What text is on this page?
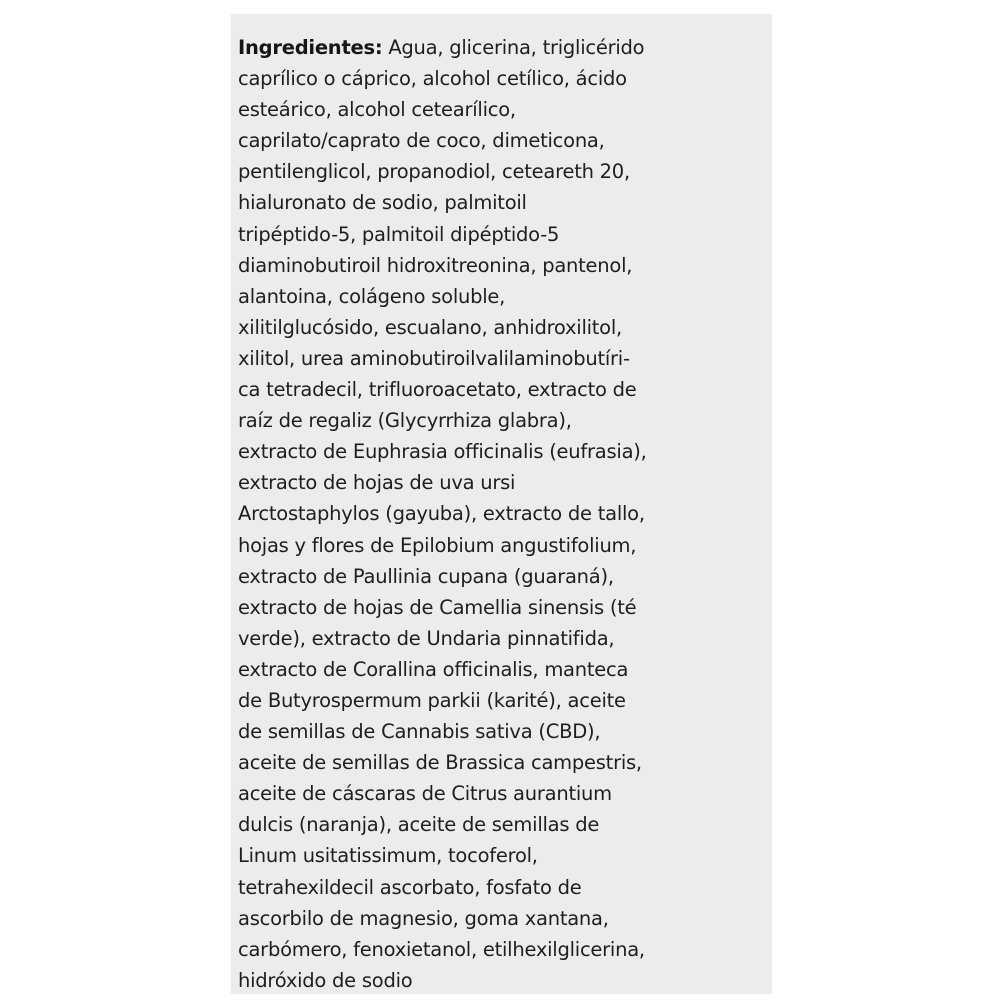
Ingredientes: Agua, glicerina, triglicérido
caprílico o cáprico, alcohol cetílico, ácido
esteárico, alcohol cetearílico,
caprilato/caprato de coco, dimeticona,
pentilenglicol, propanodiol, ceteareth 20,
hialuronato de sodio, palmitoil
tripéptido-5, palmitoil dipéptido-5
diaminobutiroil hidroxitreonina, pantenol,
alantoina, colágeno soluble,
xilitilglucósido, escualano, anhidroxilitol,
xilitol, urea aminobutiroilvalilaminobutíri-
ca tetradecil, trifluoroacetato, extracto de
raíz de regaliz (Glycyrrhiza glabra),
extracto de Euphrasia officinalis (eufrasia),
extracto de hojas de uva ursi
Arctostaphylos (gayuba), extracto de tallo,
hojas y flores de Epilobium angustifolium,
extracto de Paullinia cupana (guaraná),
extracto de hojas de Camellia sinensis (té
verde), extracto de Undaria pinnatifida,
extracto de Corallina officinalis, manteca
de Butyrospermum parkii (karité), aceite
de semillas de Cannabis sativa (CBD),
aceite de semillas de Brassica campestris,
aceite de cáscaras de Citrus aurantium
dulcis (naranja), aceite de semillas de
Linum usitatissimum, tocoferol,
tetrahexildecil ascorbato, fosfato de
ascorbilo de magnesio, goma xantana,
carbómero, fenoxietanol, etilhexilglicerina,
hidróxido de sodio
